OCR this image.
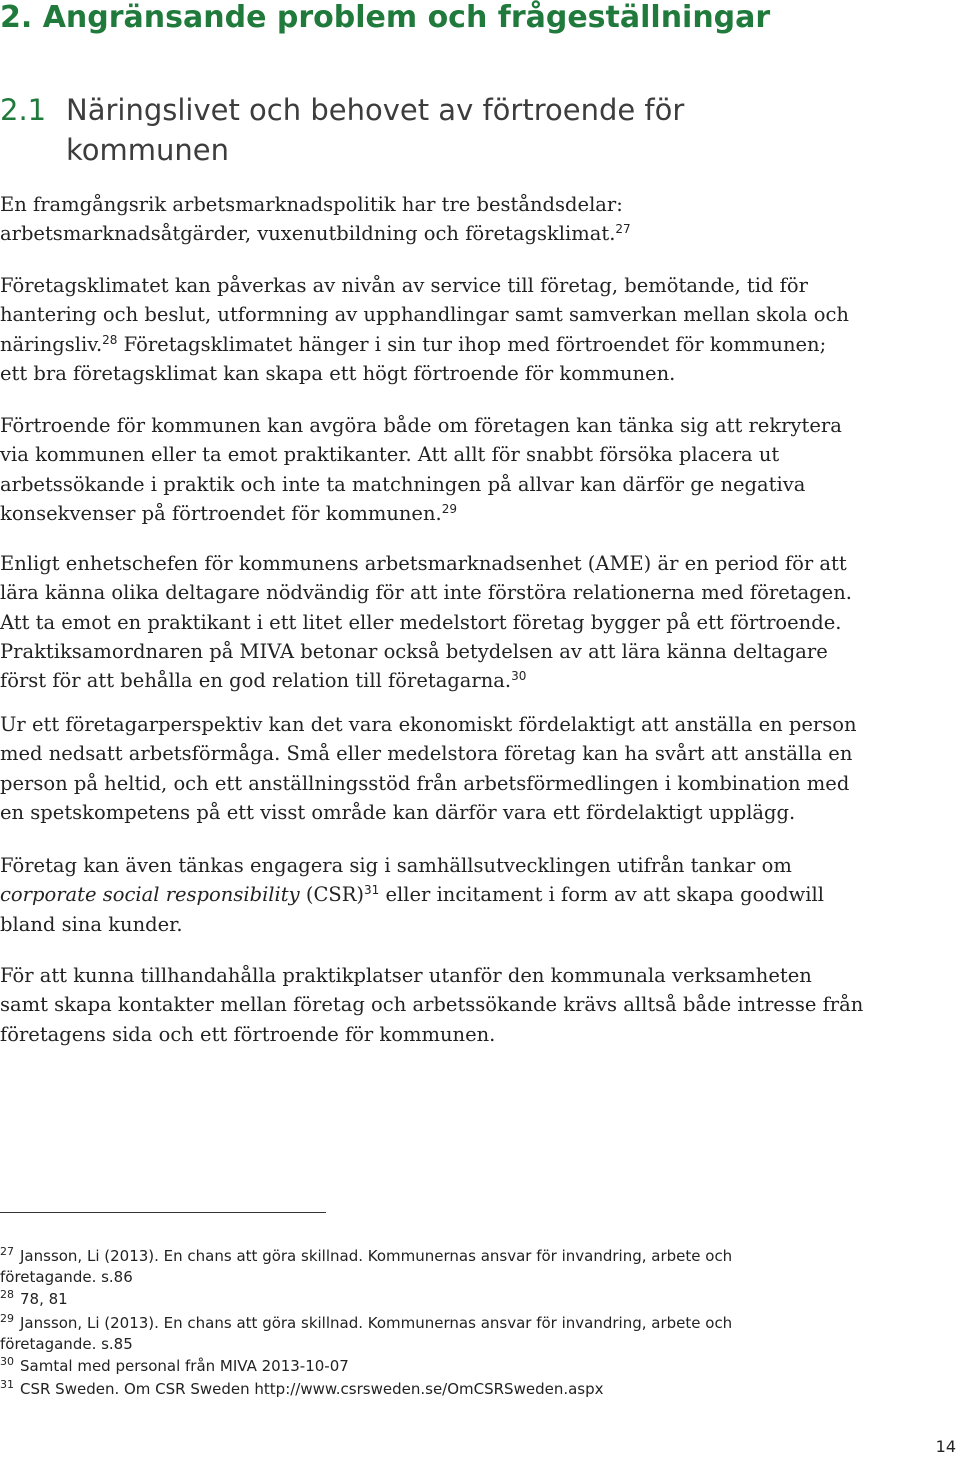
2. Angränsande problem och frågeställningar
2.1 Näringslivet och behovet av förtroende för
kommunen
En framgångsrik arbetsmarknadspolitik har tre beståndsdelar:
arbetsmarknadsåtgärder, vuxenutbildning och företagsklimat.$^{27}$
Företagsklimatet kan påverkas av nivån av service till företag, bemötande, tid för
hantering och beslut, utformning av upphandlingar samt samverkan mellan skola och
näringsliv.$^{28}$ Företagsklimatet hänger i sin tur ihop med förtroendet för kommunen;
ett bra företagsklimat kan skapa ett högt förtroende för kommunen.
Förtroende för kommunen kan avgöra både om företagen kan tänka sig att rekrytera
via kommunen eller ta emot praktikanter. Att allt för snabbt försöka placera ut
arbetssökande i praktik och inte ta matchningen på allvar kan därför ge negativa
konsekvenser på förtroendet för kommunen.$^{29}$
Enligt enhetschefen för kommunens arbetsmarknadsenhet (AME) är en period för att
lära känna olika deltagare nödvändig för att inte förstöra relationerna med företagen.
Att ta emot en praktikant i ett litet eller medelstort företag bygger på ett förtroende.
Praktiksamordnaren på MIVA betonar också betydelsen av att lära känna deltagare
först för att behålla en god relation till företagarna.$^{30}$
Ur ett företagarperspektiv kan det vara ekonomiskt fördelaktigt att anställa en person
med nedsatt arbetsförmåga. Små eller medelstora företag kan ha svårt att anställa en
person på heltid, och ett anställningsstöd från arbetsförmedlingen i kombination med
en spetskompetens på ett visst område kan därför vara ett fördelaktigt upplägg.
Företag kan även tänkas engagera sig i samhällsutvecklingen utifrån tankar om
corporate social responsibility (CSR)$^{31}$ eller incitament i form av att skapa goodwill
bland sina kunder.
För att kunna tillhandahålla praktikplatser utanför den kommunala verksamheten
samt skapa kontakter mellan företag och arbetssökande krävs alltså både intresse från
företagens sida och ett förtroende för kommunen.
$^{27}$ Jansson, Li (2013). En chans att göra skillnad. Kommunernas ansvar för invandring, arbete och
företagande. s.86
$^{28}$ 78, 81
$^{29}$ Jansson, Li (2013). En chans att göra skillnad. Kommunernas ansvar för invandring, arbete och
företagande. s.85
$^{30}$ Samtal med personal från MIVA 2013-10-07
$^{31}$ CSR Sweden. Om CSR Sweden http://www.csrsweden.se/OmCSRSweden.aspx
14
